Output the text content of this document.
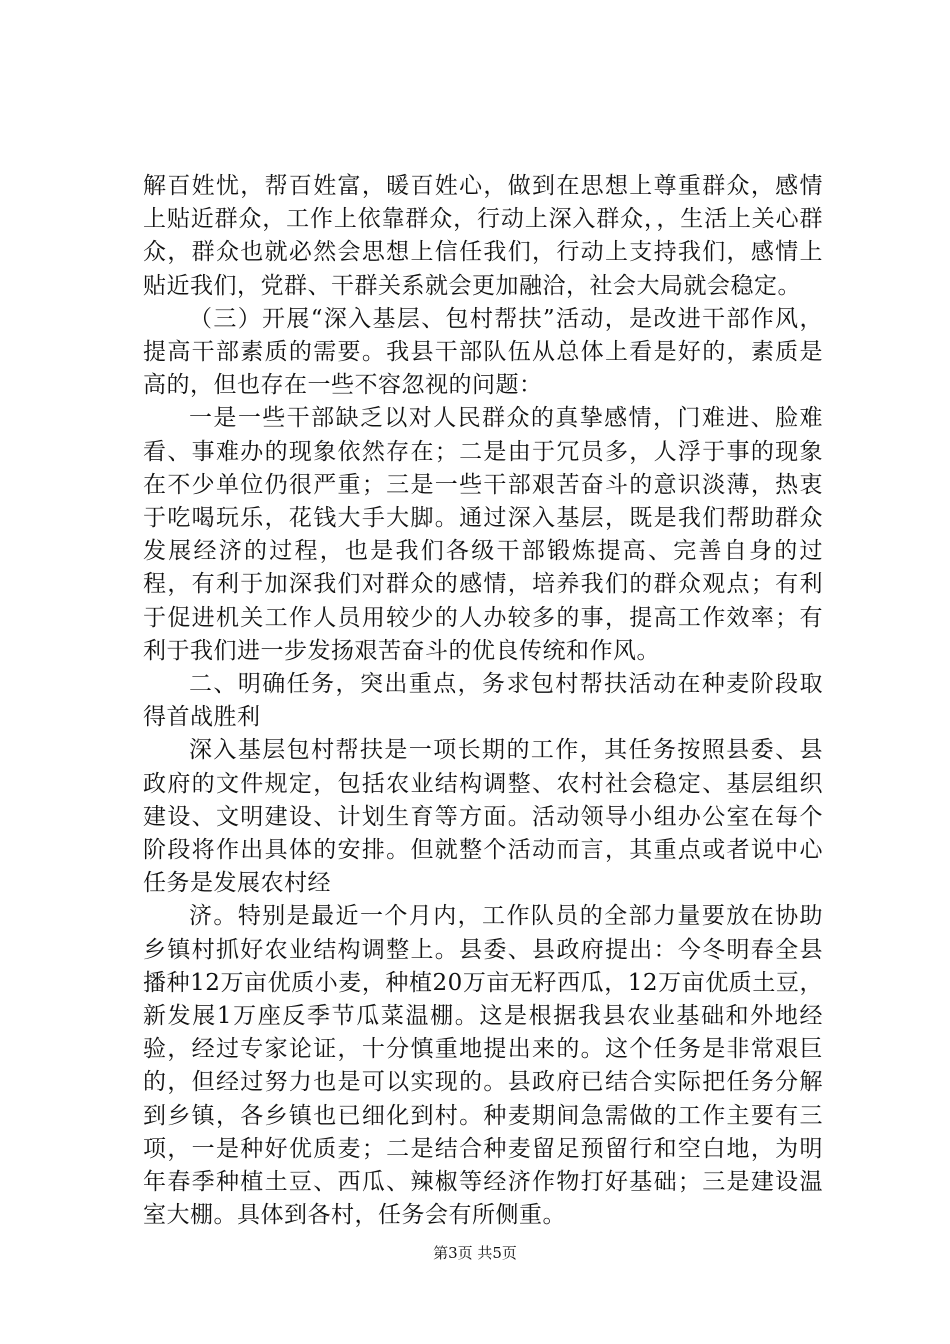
解百姓忧，帮百姓富，暖百姓心，做到在思想上尊重群众，感情上贴近群众，工作上依靠群众，行动上深入群众，，生活上关心群众，群众也就必然会思想上信任我们，行动上支持我们，感情上贴近我们，党群、干群关系就会更加融洽，社会大局就会稳定。

（三）开展“深入基层、包村帮扶”活动，是改进干部作风，提高干部素质的需要。我县干部队伍从总体上看是好的，素质是高的，但也存在一些不容忽视的问题：

一是一些干部缺乏以对人民群众的真挚感情，门难进、脸难看、事难办的现象依然存在；二是由于冗员多，人浮于事的现象在不少单位仍很严重；三是一些干部艰苦奋斗的意识淡薄，热衷于吃喝玩乐，花钱大手大脚。通过深入基层，既是我们帮助群众发展经济的过程，也是我们各级干部锻炼提高、完善自身的过程，有利于加深我们对群众的感情，培养我们的群众观点；有利于促进机关工作人员用较少的人办较多的事，提高工作效率；有利于我们进一步发扬艰苦奋斗的优良传统和作风。

二、明确任务，突出重点，务求包村帮扶活动在种麦阶段取得首战胜利

深入基层包村帮扶是一项长期的工作，其任务按照县委、县政府的文件规定，包括农业结构调整、农村社会稳定、基层组织建设、文明建设、计划生育等方面。活动领导小组办公室在每个阶段将作出具体的安排。但就整个活动而言，其重点或者说中心任务是发展农村经

济。特别是最近一个月内，工作队员的全部力量要放在协助乡镇村抓好农业结构调整上。县委、县政府提出：今冬明春全县播种12万亩优质小麦，种植20万亩无籽西瓜，12万亩优质土豆，新发展1万座反季节瓜菜温棚。这是根据我县农业基础和外地经验，经过专家论证，十分慎重地提出来的。这个任务是非常艰巨的，但经过努力也是可以实现的。县政府已结合实际把任务分解到乡镇，各乡镇也已细化到村。种麦期间急需做的工作主要有三项，一是种好优质麦；二是结合种麦留足预留行和空白地，为明年春季种植土豆、西瓜、辣椒等经济作物打好基础；三是建设温室大棚。具体到各村，任务会有所侧重。

第3页 共5页
